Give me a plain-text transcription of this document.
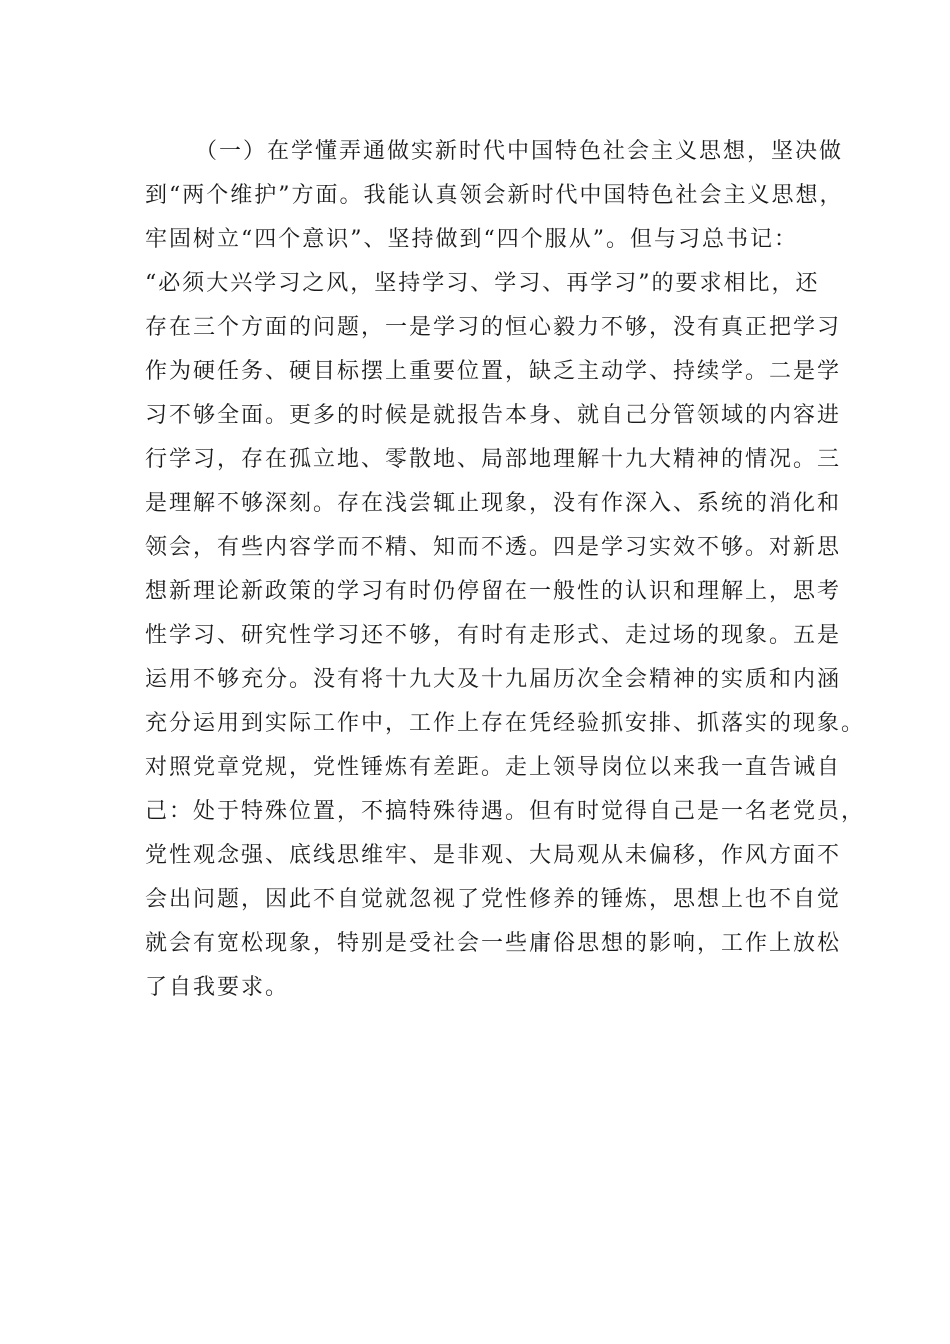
（一）在学懂弄通做实新时代中国特色社会主义思想，坚决做
到“两个维护”方面。我能认真领会新时代中国特色社会主义思想，
牢固树立“四个意识”、坚持做到“四个服从”。但与习总书记：
“必须大兴学习之风，坚持学习、学习、再学习”的要求相比，还
存在三个方面的问题，一是学习的恒心毅力不够，没有真正把学习
作为硬任务、硬目标摆上重要位置，缺乏主动学、持续学。二是学
习不够全面。更多的时候是就报告本身、就自己分管领域的内容进
行学习，存在孤立地、零散地、局部地理解十九大精神的情况。三
是理解不够深刻。存在浅尝辄止现象，没有作深入、系统的消化和
领会，有些内容学而不精、知而不透。四是学习实效不够。对新思
想新理论新政策的学习有时仍停留在一般性的认识和理解上，思考
性学习、研究性学习还不够，有时有走形式、走过场的现象。五是
运用不够充分。没有将十九大及十九届历次全会精神的实质和内涵
充分运用到实际工作中，工作上存在凭经验抓安排、抓落实的现象。
对照党章党规，党性锤炼有差距。走上领导岗位以来我一直告诫自
己：处于特殊位置，不搞特殊待遇。但有时觉得自己是一名老党员，
党性观念强、底线思维牢、是非观、大局观从未偏移，作风方面不
会出问题，因此不自觉就忽视了党性修养的锤炼，思想上也不自觉
就会有宽松现象，特别是受社会一些庸俗思想的影响，工作上放松
了自我要求。
